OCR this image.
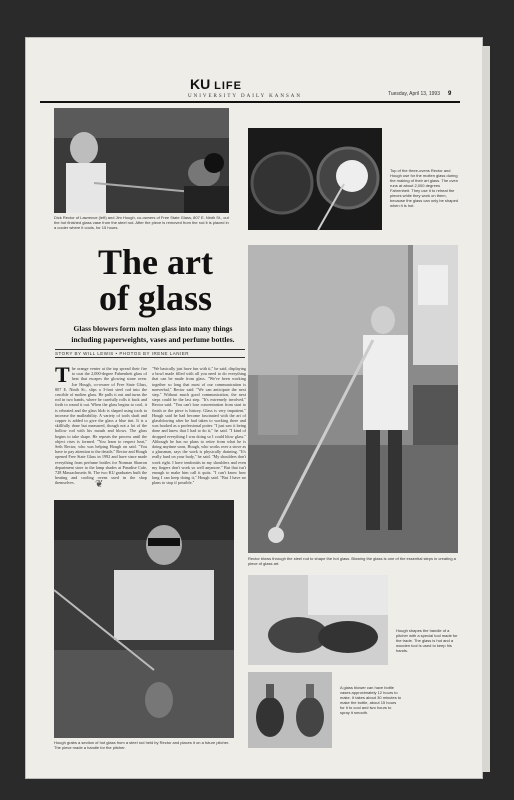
KU LIFE
UNIVERSITY DAILY KANSAN	Tuesday, April 13, 1993 9
Dick Rector of Lawrence (left) and Jim Hough, co-owners of Free State Glass, 807 E. Ninth St., cut the hot finished glass vase from the steel rod. After the piece is removed from the rod it is placed in a cooler where it cools, for 15 hours.
Top of the three-ovens Rector and Hough use for the molten glass during the making of their art glass. The oven runs at about 2,000 degrees Fahrenheit. They use it to reheat the pieces while they work on them, because the glass can only be shaped when it is hot.
The art
of glass
Glass blowers form molten glass into many things including paperweights, vases and perfume bottles.
STORY BY WILL LEWIS • PHOTOS BY IRENE LANIER
The orange venter at the top spread their fire to coat the 2,000-degree Fahrenheit glass of heat that escapes the glowing stone oven. Joe Hough, co-owner of Free State Glass, 807 E. Ninth St., slips a 3-foot steel rod into the crucible of molten glass. He pulls it out and turns the rod in two hands, where he carefully rolls it back and forth to round it out. When the glass begins to cool, it is reheated and the glass blob is shaped using tools to increase the malleability. A variety of tools shaft and copper is added to give the glass a blue tint. It is a skillfully done but measured, though not a lot of the hollow rod with his mouth and blows. The glass begins to take shape. He repeats the process until the object rises is formed. "You learn to respect heat," Seth Rector, who was helping Hough on said. "You have to pay attention to the details." Rector and Hough opened Free State Glass in 1992 and have since made everything from perfume bottles for Norman Sharron department store to the lamp shades at Paradise Cafe, 728 Massachusetts St. The two KU graduates built the heating and cooling ovens used in the shop themselves.
"We basically just have fun with it," he said, displaying a bowl made filled with all you need to do everything that can be made from glass. "We've been working together so long that most of our communication is nonverbal," Rector said. "We can anticipate the next step." Without much good communication, the next steps could be the last step. "It's extremely involved," Rector said. "You can't lose concentration from start to finish or the piece is history. Glass is very impatient." Hough said he had become fascinated with the art of glassblowing after he had taken to working there and was hooked as a professional potter. "I just saw it being done and knew that I had to do it," he said. "I kind of dropped everything I was doing so I could blow glass." Although he has no plans to retire from what he is doing anytime soon, Hough, who works over a stove as a glassman, says the work is physically draining. "It's really hard on your body," he said. "My shoulders don't work right. I have tendonitis in my shoulders and even my fingers don't work so well anymore." But that isn't enough to make him call it quits. "I can't know how long I can keep doing it," Hough said. "But I have no plans to stop if possible."
❦
Rector blows through the steel rod to shape the hot glass. Blowing the glass is one of the essential steps in creating a piece of glass art.
Hough grabs a section of hot glass from a steel rod held by Rector and places it on a future pitcher. The piece made a handle for the pitcher.
Hough shapes the handle of a pitcher with a special tool made for the trade. The glass is hot and a wooden tool is used to keep his hands.
A glass blower can have bottle vases approximately 12 hours to make. It takes about 30 minutes to make the bottle, about 15 hours for it to cool and two hours to spray it smooth.
